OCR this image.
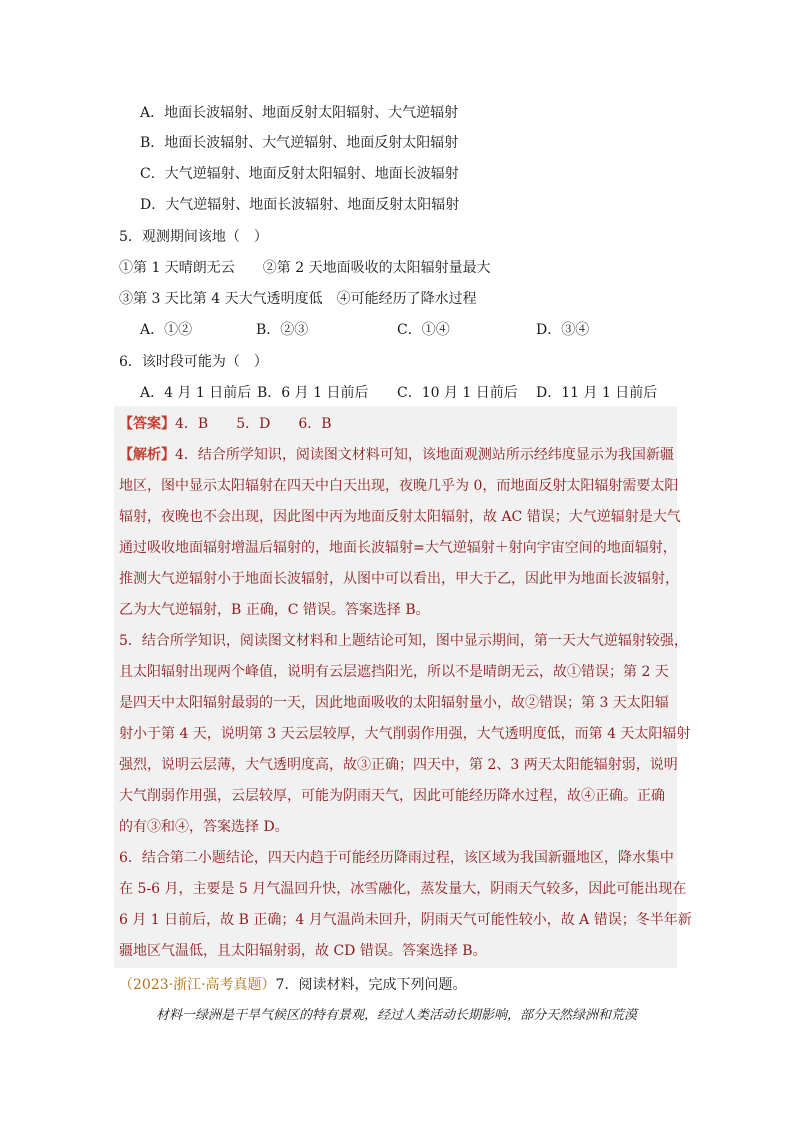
A．地面长波辐射、地面反射太阳辐射、大气逆辐射
B．地面长波辐射、大气逆辐射、地面反射太阳辐射
C．大气逆辐射、地面反射太阳辐射、地面长波辐射
D．大气逆辐射、地面长波辐射、地面反射太阳辐射
5．观测期间该地（　）
①第 1 天晴朗无云　　②第 2 天地面吸收的太阳辐射量最大
③第 3 天比第 4 天大气透明度低　④可能经历了降水过程
A．①②	B．②③	C．①④	D．③④
6．该时段可能为（　）
A．4 月 1 日前后 B．6 月 1 日前后 C．10 月 1 日前后 D．11 月 1 日前后
【答案】4．B　　5．D　　6．B
【解析】4．结合所学知识，阅读图文材料可知，该地面观测站所示经纬度显示为我国新疆
地区，图中显示太阳辐射在四天中白天出现，夜晚几乎为 0，而地面反射太阳辐射需要太阳
辐射，夜晚也不会出现，因此图中丙为地面反射太阳辐射，故 AC 错误；大气逆辐射是大气
通过吸收地面辐射增温后辐射的，地面长波辐射=大气逆辐射＋射向宇宙空间的地面辐射，
推测大气逆辐射小于地面长波辐射，从图中可以看出，甲大于乙，因此甲为地面长波辐射，
乙为大气逆辐射，B 正确，C 错误。答案选择 B。
5．结合所学知识，阅读图文材料和上题结论可知，图中显示期间，第一天大气逆辐射较强，
且太阳辐射出现两个峰值，说明有云层遮挡阳光，所以不是晴朗无云，故①错误；第 2 天
是四天中太阳辐射最弱的一天，因此地面吸收的太阳辐射量小，故②错误；第 3 天太阳辐
射小于第 4 天，说明第 3 天云层较厚，大气削弱作用强，大气透明度低，而第 4 天太阳辐射
强烈，说明云层薄，大气透明度高，故③正确；四天中，第 2、3 两天太阳能辐射弱，说明
大气削弱作用强，云层较厚，可能为阴雨天气，因此可能经历降水过程，故④正确。正确
的有③和④，答案选择 D。
6．结合第二小题结论，四天内趋于可能经历降雨过程，该区域为我国新疆地区，降水集中
在 5-6 月，主要是 5 月气温回升快，冰雪融化，蒸发量大，阴雨天气较多，因此可能出现在
6 月 1 日前后，故 B 正确；4 月气温尚未回升，阴雨天气可能性较小，故 A 错误；冬半年新
疆地区气温低，且太阳辐射弱，故 CD 错误。答案选择 B。
（2023·浙江·高考真题）7．阅读材料，完成下列问题。
材料一绿洲是干旱气候区的特有景观，经过人类活动长期影响，部分天然绿洲和荒漠
